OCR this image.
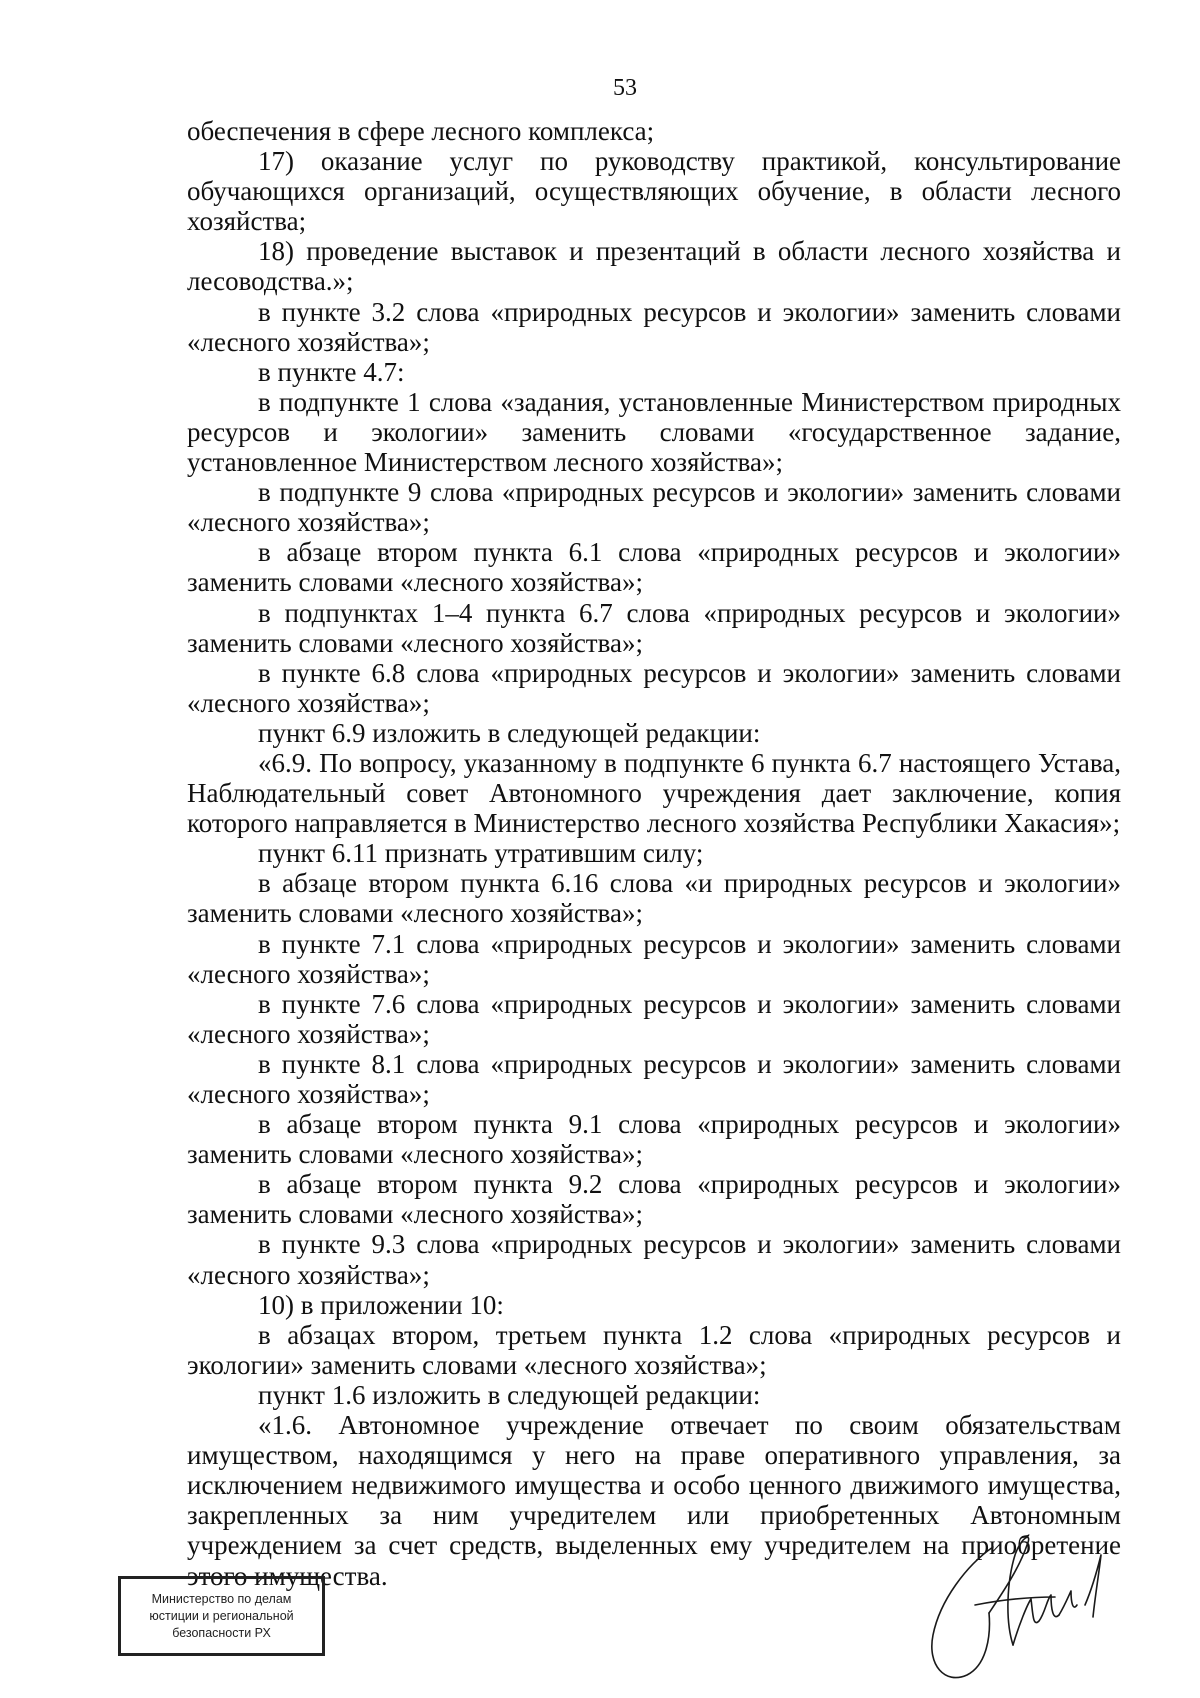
53

обеспечения в сфере лесного комплекса;

17) оказание услуг по руководству практикой, консультирование обучающихся организаций, осуществляющих обучение, в области лесного хозяйства;

18) проведение выставок и презентаций в области лесного хозяйства и лесоводства.»;

в пункте 3.2 слова «природных ресурсов и экологии» заменить словами «лесного хозяйства»;

в пункте 4.7:

в подпункте 1 слова «задания, установленные Министерством природных ресурсов и экологии» заменить словами «государственное задание, установленное Министерством лесного хозяйства»;

в подпункте 9 слова «природных ресурсов и экологии» заменить словами «лесного хозяйства»;

в абзаце втором пункта 6.1 слова «природных ресурсов и экологии» заменить словами «лесного хозяйства»;

в подпунктах 1–4 пункта 6.7 слова «природных ресурсов и экологии» заменить словами «лесного хозяйства»;

в пункте 6.8 слова «природных ресурсов и экологии» заменить словами «лесного хозяйства»;

пункт 6.9 изложить в следующей редакции:

«6.9. По вопросу, указанному в подпункте 6 пункта 6.7 настоящего Устава, Наблюдательный совет Автономного учреждения дает заключение, копия которого направляется в Министерство лесного хозяйства Республики Хакасия»;

пункт 6.11 признать утратившим силу;

в абзаце втором пункта 6.16 слова «и природных ресурсов и экологии» заменить словами «лесного хозяйства»;

в пункте 7.1 слова «природных ресурсов и экологии» заменить словами «лесного хозяйства»;

в пункте 7.6 слова «природных ресурсов и экологии» заменить словами «лесного хозяйства»;

в пункте 8.1 слова «природных ресурсов и экологии» заменить словами «лесного хозяйства»;

в абзаце втором пункта 9.1 слова «природных ресурсов и экологии» заменить словами «лесного хозяйства»;

в абзаце втором пункта 9.2 слова «природных ресурсов и экологии» заменить словами «лесного хозяйства»;

в пункте 9.3 слова «природных ресурсов и экологии» заменить словами «лесного хозяйства»;

10) в приложении 10:

в абзацах втором, третьем пункта 1.2 слова «природных ресурсов и экологии» заменить словами «лесного хозяйства»;

пункт 1.6 изложить в следующей редакции:

«1.6. Автономное учреждение отвечает по своим обязательствам имуществом, находящимся у него на праве оперативного управления, за исключением недвижимого имущества и особо ценного движимого имущества, закрепленных за ним учредителем или приобретенных Автономным учреждением за счет средств, выделенных ему учредителем на приобретение этого имущества.

Министерство по делам
юстиции и региональной
безопасности РХ
